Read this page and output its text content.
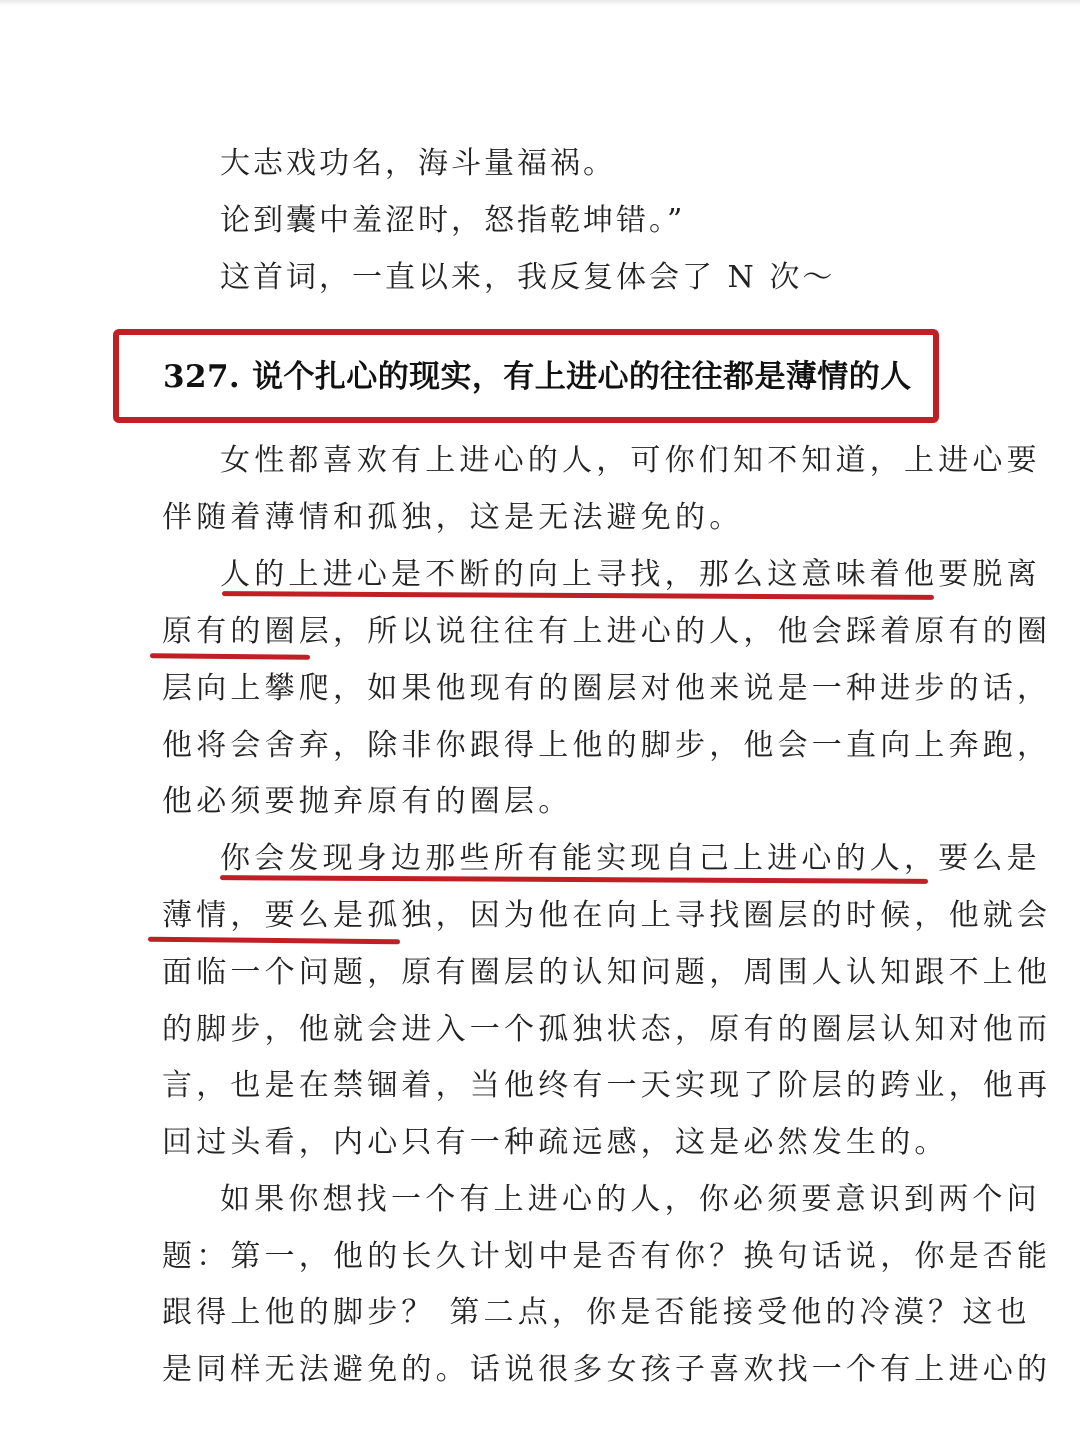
大志戏功名，海斗量福祸。
论到囊中羞涩时，怒指乾坤错。”
这首词，一直以来，我反复体会了 N 次～
327. 说个扎心的现实，有上进心的往往都是薄情的人
女性都喜欢有上进心的人，可你们知不知道，上进心要
伴随着薄情和孤独，这是无法避免的。
人的上进心是不断的向上寻找，那么这意味着他要脱离
原有的圈层，所以说往往有上进心的人，他会踩着原有的圈
层向上攀爬，如果他现有的圈层对他来说是一种进步的话，
他将会舍弃，除非你跟得上他的脚步，他会一直向上奔跑，
他必须要抛弃原有的圈层。
你会发现身边那些所有能实现自己上进心的人，要么是
薄情，要么是孤独，因为他在向上寻找圈层的时候，他就会
面临一个问题，原有圈层的认知问题，周围人认知跟不上他
的脚步，他就会进入一个孤独状态，原有的圈层认知对他而
言，也是在禁锢着，当他终有一天实现了阶层的跨业，他再
回过头看，内心只有一种疏远感，这是必然发生的。
如果你想找一个有上进心的人，你必须要意识到两个问
题：第一，他的长久计划中是否有你？换句话说，你是否能
跟得上他的脚步？ 第二点，你是否能接受他的冷漠？这也
是同样无法避免的。话说很多女孩子喜欢找一个有上进心的
